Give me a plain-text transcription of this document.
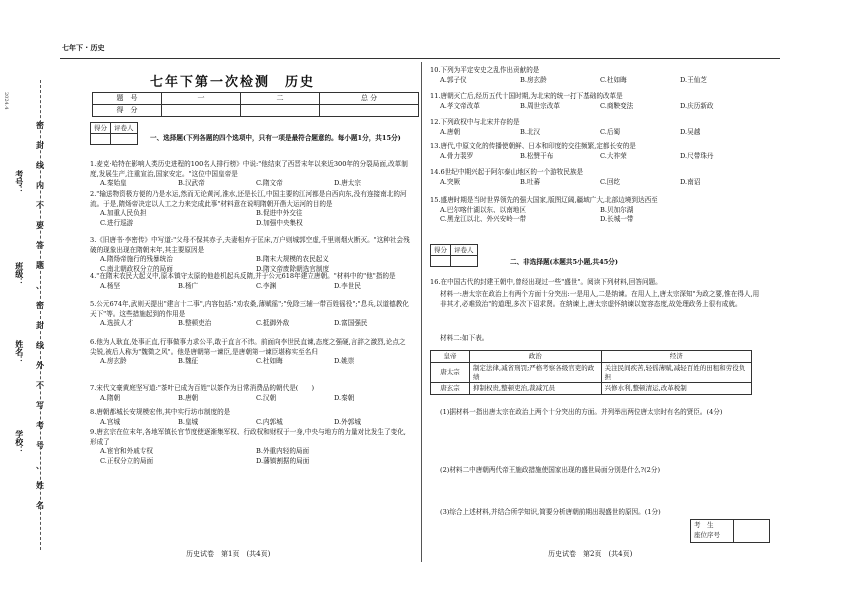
七年下 · 历史
2024.4
密
封
线
内
不
要
答
题
、
密
封
线
外
不
写
考
号
、
姓
名
考号：
班级：
姓名：
学校：
七年下第一次检测　历史
题　号	一	二	总 分
得　分			
得分	评卷人

一、选择题(下列各题的四个选项中，只有一项是最符合题意的。每小题1分，共15分)
1.麦克·哈特在影响人类历史进程的100名人排行榜》中说:"他结束了西晋末年以来近300年的分裂局面,改革制度,发展生产,注重宣治,国家安定。"这位中国皇帝是
A.秦始皇	B.汉武帝	C.隋文帝	D.唐太宗
2."输送物资极方便的乃是水运,然而无论黄河,淮水,还是长江,中国主要的江河都是自西向东,没有连接南北的河流。于是,隋炀帝决定以人工之力来完成此事"材料意在说明隋朝开凿大运河的目的是
A.加重人民负担	B.促进中外交往
C.进行巡游	D.加强中央集权
3.《旧唐书·李密传》中写道:"父母不保其赤子,夫妻相弃于匡床,万户则城郭空虚,千里则烟火断灭。"这种社会残破的现象出现在隋朝末年,其主要原因是
A.隋炀帝施行的残暴统治	B.隋末大规模的农民起义
C.南北朝政权分立的局面	D.隋文帝废除朝选官制度
4."在隋末农民大起义中,原本镇守太原的他趁机起兵反隋,并于公元618年建立唐朝。"材料中的"他"指的是
A.杨坚	B.杨广	C.李渊	D.李世民
5.公元674年,武则天提出"建言十二事",内容包括:"劝农桑,薄赋徭";"免除三辅一带百姓徭役";"息兵,以道德教化天下"等。这些措施起到的作用是
A.选拔人才	B.整顿吏治	C.抵御外敌	D.富国强民
6.他为人耿直,处事正直,行事做事力求公平,敢于直言不讳。前面向李世民直谏,态度之强硬,言辞之激烈,论点之尖锐,被后人称为"魏徵之风"。他是唐朝第一谏臣,是唐朝第一谏臣堪称实至名归
A.房玄龄	B.魏征	C.杜如晦	D.姚崇
7.宋代文豪黄庭坚写道:"茶叶已成为百姓"以茶作为日常消费品的朝代是(　　)
A.隋朝	B.唐朝	C.汉朝	D.秦朝
8.唐朝都城长安规模宏伟,其中实行坊市制度的是
A.宫城	B.皇城	C.内郭城	D.外郭城
9.唐玄宗在位末年,各地军镇长官节度使逐渐集军权、行政权和财权于一身,中央与地方的力量对比发生了变化,形成了
A.宦官和外戚专权	B.外重内轻的局面
C.正权分立的局面	D.藩镇割据的局面
10.下列为平定安史之乱作出贡献的是
A.郭子仪	B.房玄龄	C.杜如晦	D.王仙芝
11.唐朝灭亡后,经历五代十国时期,为北宋的统一打下基础的改革是
A.孝文帝改革	B.周世宗改革	C.商鞅变法	D.庆历新政
12.下列政权中与北宋并存的是
A.唐朝	B.北汉	C.后蜀	D.吴越
13.唐代,中原文化的传播使朝鲜、日本和印度的交往频繁,定都长安的是
A.骨力裴罗	B.松赞干布	C.大祚荣	D.尺带珠丹
14.6世纪中期兴起于阿尔泰山地区的一个游牧民族是
A.突厥	B.吐蕃	C.回纥	D.南诏
15.盛唐时期是当时世界领先的强大国家,版图辽阔,疆域广大,北部边境到达西至
A.巴尔喀什湖以东、以南地区	B.贝加尔湖
C.黑龙江以北、外兴安岭一带	D.长城一带
得分	评卷人

二、非选择题(本题共5小题,共45分)
16.在中国古代的封建王朝中,曾经出现过一些"盛世"。阅读下列材料,回答问题。
材料一:唐太宗在政治上有两个方面十分突出:一是用人,二是纳谏。在用人上,唐太宗深知"为政之要,惟在得人,用非其才,必难致治"的道理,多次下诏求贤。在纳谏上,唐太宗虚怀纳谏以宽容态度,故处理政务上很有成就。
材料二:如下表。
皇帝	政治	经济
唐太宗	制定法律,减省刑罚;严格考察各级官吏的政绩	关注民间疾苦,轻徭薄赋,减轻百姓的田租和劳役负担
唐玄宗	抑制权贵,整顿吏治,裁减冗员	兴修水利,整顿清运,改革税制
(1)据材料一指出唐太宗在政治上两个十分突出的方面。并列举出两位唐太宗时有名的贤臣。(4分)
(2)材料二中唐朝两代帝王施政措施使国家出现的盛世局面分别是什么?(2分)
(3)综合上述材料,并结合所学知识,简要分析唐朝前期出现盛世的原因。(1分)
考　生
座位序号
历史试卷　第1页　(共4页)	历史试卷　第2页　(共4页)
